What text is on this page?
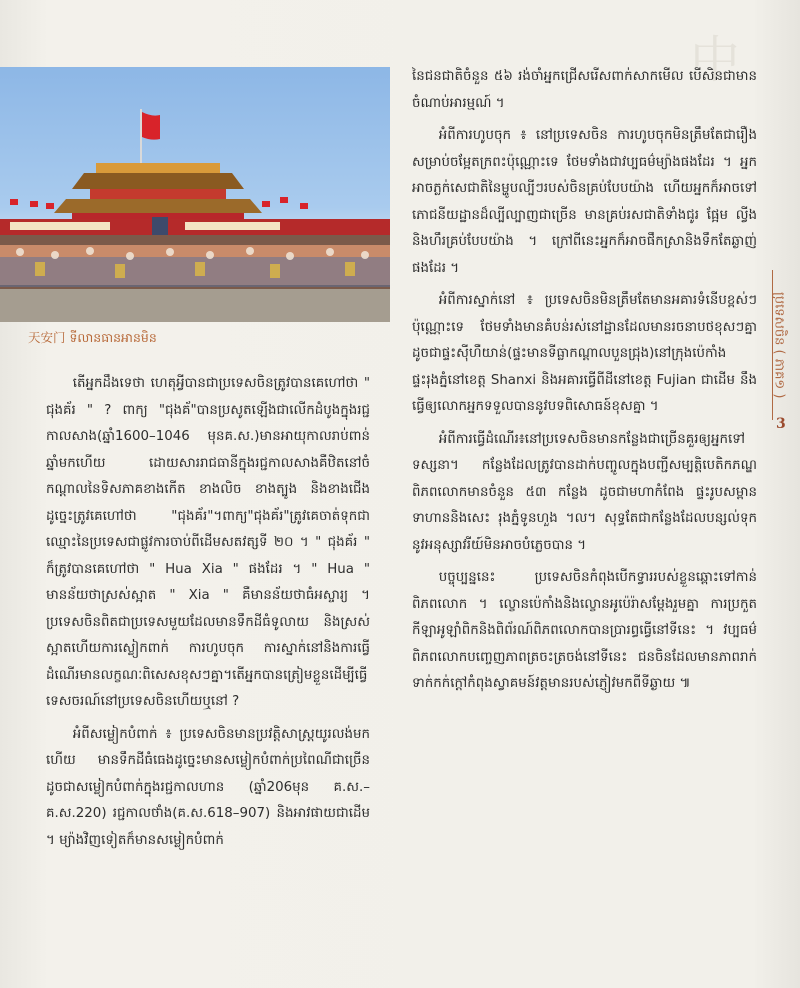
中
天安门 ទីលានធានអានមិន

តើអ្នកដឹងទេថា ហេតុអ្វីបានជាប្រទេសចិនត្រូវបានគេហៅថា " ជុងគ័រ " ? ពាក្យ "ជុងគ័"បានប្រសូតឡើងជាលើកដំបូងក្នុងរជ្ជកាលសាង(ឆ្នាំ1600–1046 មុនគ.ស.)មានអាយុកាលរាប់ពាន់ឆ្នាំមកហើយ ដោយសាររាជធានីក្នុងរជ្ជកាលសាងគឺឋិតនៅចំកណ្តាលនៃទិសភាគខាងកើត ខាងលិច ខាងត្បូង និងខាងជើង ដូច្នេះត្រូវគេហៅថា "ជុងគ័រ"។ពាក្យ"ជុងគ័រ"ត្រូវគេចាត់ទុកជាឈ្មោះនៃប្រទេសជាផ្លូវការចាប់ពីដើមសតវត្សទី ២០ ។ " ជុងគ័រ " ក៏ត្រូវបានគេហៅថា " Hua Xia " ផងដែរ ។ " Hua " មានន័យថាស្រស់ស្អាត " Xia " គឺមានន័យថាធំអស្ចារ្យ ។ ប្រទេសចិនពិតជាប្រទេសមួយដែលមានទឹកដីធំទូលាយ និងស្រស់ស្អាតហើយការស្លៀកពាក់ ការហូបចុក ការស្នាក់នៅនិងការធ្វើដំណើរមានលក្ខណៈពិសេសខុសៗគ្នា។តើអ្នកបានត្រៀមខ្លួនដើម្បីធ្វើទេសចរណ៍នៅប្រទេសចិនហើយឬនៅ ?

អំពីសម្លៀកបំពាក់ ៖ ប្រទេសចិនមានប្រវត្តិសាស្ត្រយូរលង់មកហើយ មានទឹកដីធំធេងដូច្នេះមានសម្លៀកបំពាក់ប្រពៃណីជាច្រើន ដូចជាសម្លៀកបំពាក់ក្នុងរជ្ជកាលហាន (ឆ្នាំ206មុន គ.ស.–គ.ស.220) រជ្ជកាលថាំង(គ.ស.618–907) និងអាវផាយជាដើម ។ ម្យ៉ាងវិញទៀតក៏មានសម្លៀកបំពាក់

នៃជនជាតិចំនួន ៥៦ រង់ចាំអ្នកជ្រើសរើសពាក់សាកមើល បើសិនជាមានចំណាប់អារម្មណ៍ ។

អំពីការហូបចុក ៖ នៅប្រទេសចិន ការហូបចុកមិនត្រឹមតែជារឿងសម្រាប់ចម្អែតក្រពះប៉ុណ្ណោះទេ ថែមទាំងជាវប្បធម៌ម្យ៉ាងផងដែរ ។ អ្នកអាចភ្លក់សេជាតិនៃម្ហូបល្បីៗរបស់ចិនគ្រប់បែបយ៉ាង ហើយអ្នកក៏អាចទៅភោជនីយដ្ឋានដ៏ល្បីល្បាញជាច្រើន មានគ្រប់រសជាតិទាំងជូរ ផ្អែម ល្វីងនិងហឹរគ្រប់បែបយ៉ាង ។ ក្រៅពីនេះអ្នកក៏អាចផឹកស្រានិងទឹកតែឆ្ងាញ់ផងដែរ ។

អំពីការស្នាក់នៅ ៖ ប្រទេសចិនមិនត្រឹមតែមានអគារទំនើបខ្ពស់ៗប៉ុណ្ណោះទេ ថែមទាំងមានគំបន់រស់នៅដ្ឋានដែលមានរចនាបថខុសៗគ្នា ដូចជាផ្ទះស៊ីហឺយាន់(ផ្ទះមានទីធ្លាកណ្តាលបួនជ្រុង)នៅក្រុងប៉េកាំង ផ្ទះរុងភ្នំនៅខេត្ត Shanxi និងអគារធ្វើពីដីនៅខេត្ត Fujian ជាដើម នឹងធ្វើឲ្យលោកអ្នកទទួលបាននូវបទពិសោធន៍ខុសគ្នា ។

អំពីការធ្វើដំណើរ៖នៅប្រទេសចិនមានកន្លែងជាច្រើនគួរឲ្យអ្នកទៅទស្សនា។ កន្លែងដែលត្រូវបានដាក់បញ្ចូលក្នុងបញ្ជីសម្បត្តិបេតិកភណ្ឌពិភពលោកមានចំនួន ៥៣ កន្លែង ដូចជាមហាកំពែង ផ្ទះរូបសម្ពានទាហាននិងសេះ រុងភ្នំទូនហួង ។ល។ សុទ្ធតែជាកន្លែងដែលបន្សល់ទុកនូវអនុស្សាវរីយ៍មិនអាចបំភ្លេចបាន ។

បច្ចុប្បន្ននេះ ប្រទេសចិនកំពុងបើកទ្វាររបស់ខ្លួនឆ្ពោះទៅកាន់ពិភពលោក ។ ល្ខោនប៉េកាំងនិងល្ខោនអូប៉េរ៉ាសម្តែងរួមគ្នា ការប្រកួតកីឡាអូឡាំពិកនិងពិព័រណ៍ពិភពលោកបានប្រារព្ធធ្វើនៅទីនេះ ។ វប្បធម៌ពិភពលោកបញ្ចេញភាពត្រចះត្រចង់នៅទីនេះ ជនចិនដែលមានភាពរាក់ទាក់កក់ក្តៅកំពុងស្វាគមន៍វត្តមានរបស់ភ្ញៀវមកពីទីឆ្ងាយ ៕

ប្រទេសចិន ( ភាគ១ )
3
